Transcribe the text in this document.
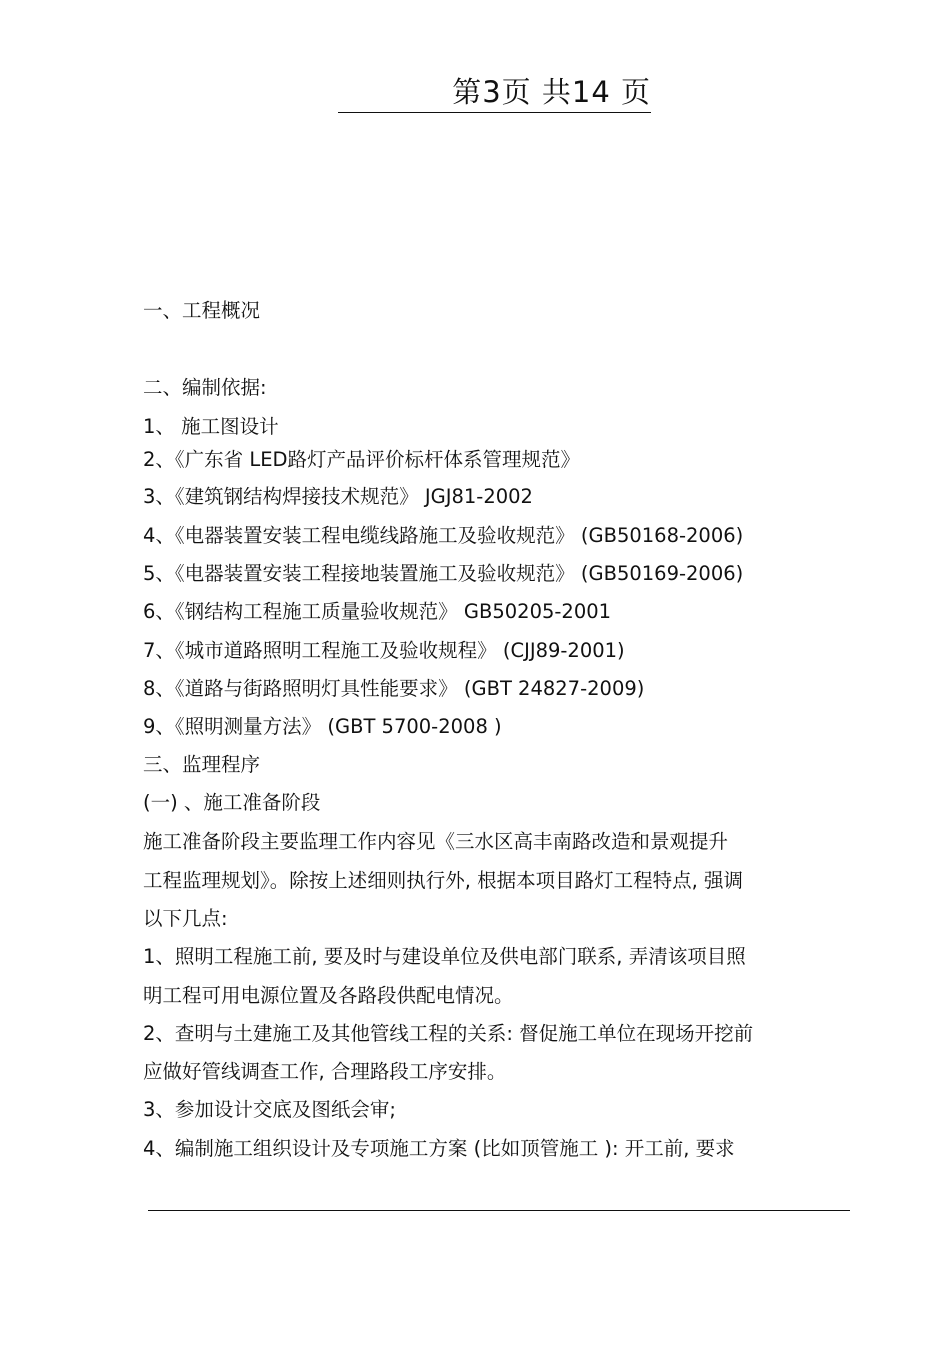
第3页 共14 页
一、工程概况
二、编制依据:
1、 施工图设计
2、《广东省 LED路灯产品评价标杆体系管理规范》
3、《建筑钢结构焊接技术规范》 JGJ81-2002
4、《电器装置安装工程电缆线路施工及验收规范》 (GB50168-2006)
5、《电器装置安装工程接地装置施工及验收规范》 (GB50169-2006)
6、《钢结构工程施工质量验收规范》 GB50205-2001
7、《城市道路照明工程施工及验收规程》 (CJJ89-2001)
8、《道路与街路照明灯具性能要求》 (GBT 24827-2009)
9、《照明测量方法》 (GBT 5700-2008 )
三、监理程序
(一) 、施工准备阶段
施工准备阶段主要监理工作内容见《三水区高丰南路改造和景观提升
工程监理规划》。除按上述细则执行外, 根据本项目路灯工程特点, 强调
以下几点:
1、照明工程施工前, 要及时与建设单位及供电部门联系, 弄清该项目照
明工程可用电源位置及各路段供配电情况。
2、查明与土建施工及其他管线工程的关系: 督促施工单位在现场开挖前
应做好管线调查工作, 合理路段工序安排。
3、参加设计交底及图纸会审;
4、编制施工组织设计及专项施工方案 (比如顶管施工 ): 开工前, 要求
